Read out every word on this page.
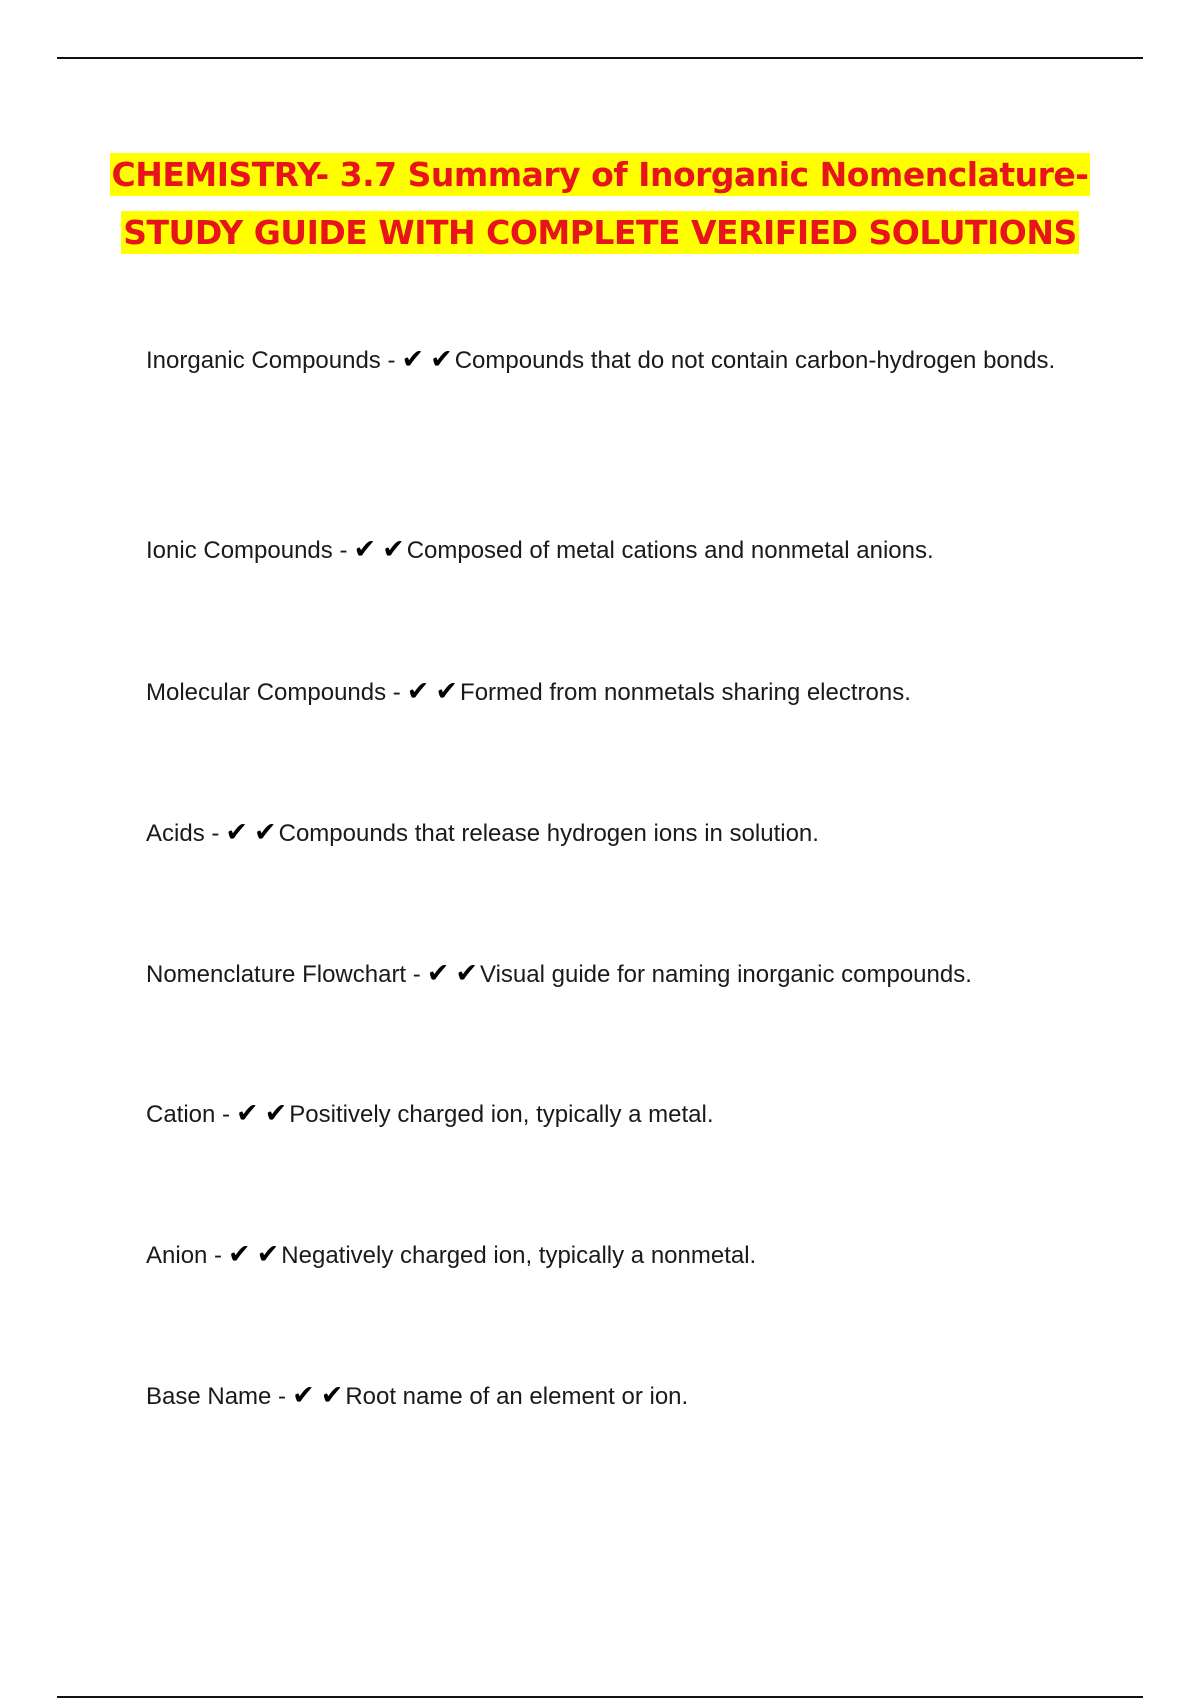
CHEMISTRY- 3.7 Summary of Inorganic Nomenclature- STUDY GUIDE WITH COMPLETE VERIFIED SOLUTIONS

Inorganic Compounds - ✔ ✔Compounds that do not contain carbon-hydrogen bonds.

Ionic Compounds - ✔ ✔Composed of metal cations and nonmetal anions.

Molecular Compounds - ✔ ✔Formed from nonmetals sharing electrons.

Acids - ✔ ✔Compounds that release hydrogen ions in solution.

Nomenclature Flowchart - ✔ ✔Visual guide for naming inorganic compounds.

Cation - ✔ ✔Positively charged ion, typically a metal.

Anion - ✔ ✔Negatively charged ion, typically a nonmetal.

Base Name - ✔ ✔Root name of an element or ion.
